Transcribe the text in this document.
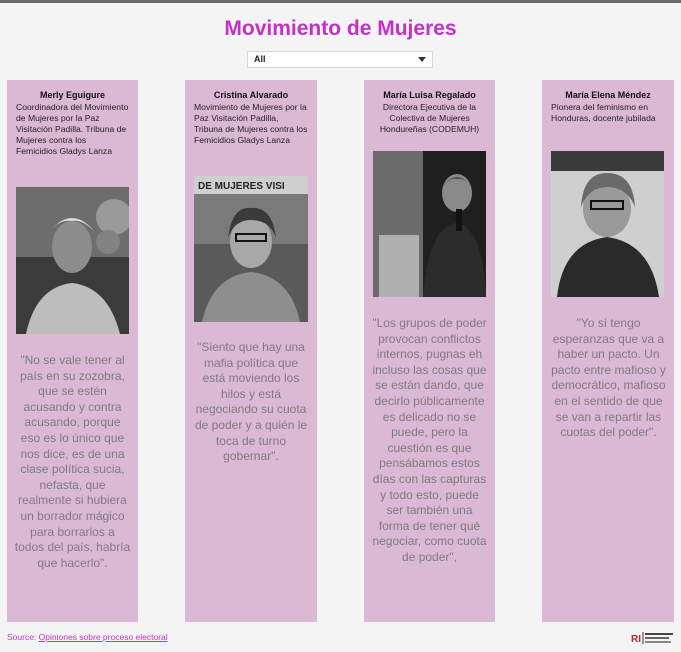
Movimiento de Mujeres
All
Merly Eguigure
Coordinadora del Movimiento de Mujeres por la Paz Visitación Padilla. Tribuna de Mujeres contra los Femicidios Gladys Lanza
"No se vale tener al país en su zozobra, que se estén acusando y contra acusando, porque eso es lo único que nos dice, es de una clase política sucia, nefasta, que realmente si hubiera un borrador mágico para borrarlos a todos del país, habría que hacerlo".
Cristina Alvarado
Movimiento de Mujeres por la Paz Visitación Padilla, Tribuna de Mujeres contra los Femicidios Gladys Lanza
DE MUJERES VISI
"Siento que hay una mafia política que está moviendo los hilos y está negociando su cuota de poder y a quién le toca de turno gobernar".
María Luisa Regalado
Directora Ejecutiva de la Colectiva de Mujeres Hondureñas (CODEMUH)
"Los grupos de poder provocan conflictos internos, pugnas eh incluso las cosas que se están dando, que decirlo públicamente es delicado no se puede, pero la cuestión es que pensábamos estos días con las capturas y todo esto, puede ser también una forma de tener qué negociar, como cuota de poder",
María Elena Méndez
Pionera del feminismo en Honduras, docente jubilada
"Yo sí tengo esperanzas que va a haber un pacto. Un pacto entre mafioso y democrático, mafioso en el sentido de que se van a repartir las cuotas del poder".
Source: Opiniones sobre proceso electoral	RI
